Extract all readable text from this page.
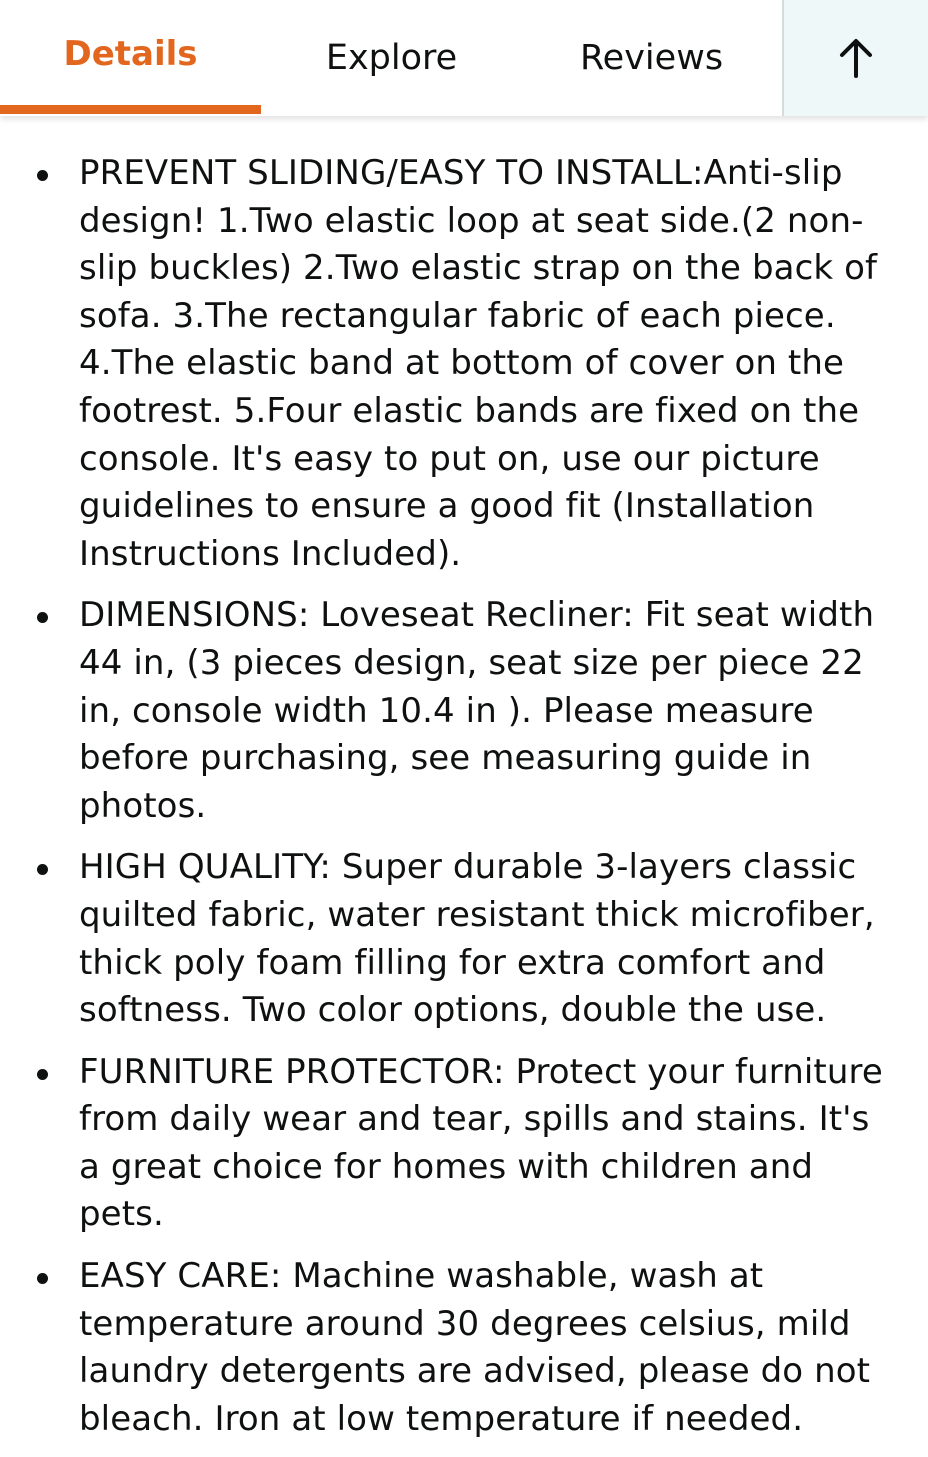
Details	Explore	Reviews
PREVENT SLIDING/EASY TO INSTALL:Anti-slip design! 1.Two elastic loop at seat side.(2 non-slip buckles) 2.Two elastic strap on the back of sofa. 3.The rectangular fabric of each piece. 4.The elastic band at bottom of cover on the footrest. 5.Four elastic bands are fixed on the console. It's easy to put on, use our picture guidelines to ensure a good fit (Installation Instructions Included).
DIMENSIONS: Loveseat Recliner: Fit seat width 44 in, (3 pieces design, seat size per piece 22 in, console width 10.4 in ). Please measure before purchasing, see measuring guide in photos.
HIGH QUALITY: Super durable 3-layers classic quilted fabric, water resistant thick microfiber, thick poly foam filling for extra comfort and softness. Two color options, double the use.
FURNITURE PROTECTOR: Protect your furniture from daily wear and tear, spills and stains. It's a great choice for homes with children and pets.
EASY CARE: Machine washable, wash at temperature around 30 degrees celsius, mild laundry detergents are advised, please do not bleach. Iron at low temperature if needed.
